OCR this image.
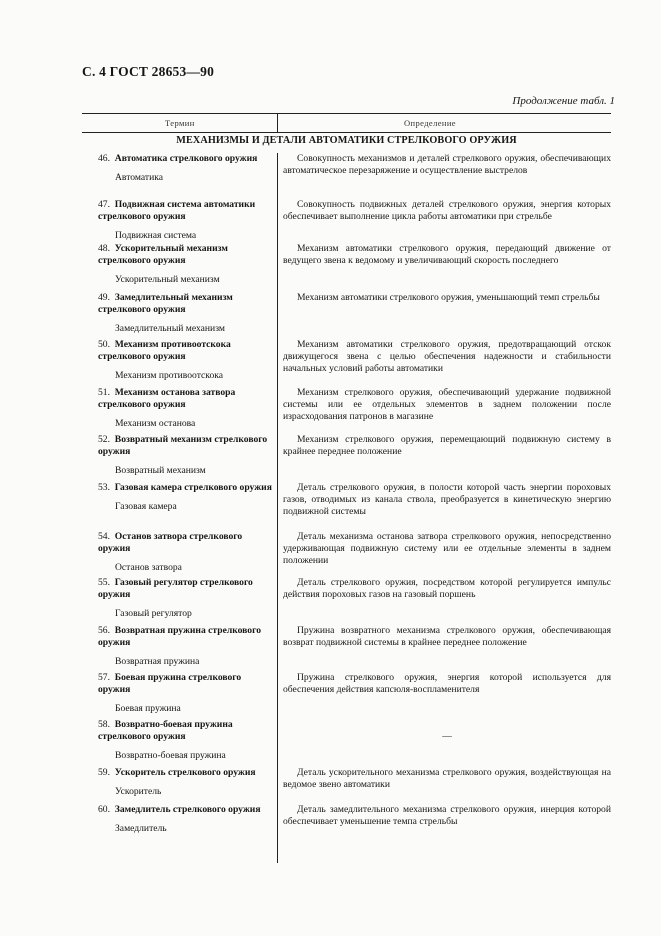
С. 4 ГОСТ 28653—90
Продолжение табл. 1
Термин	Определение
МЕХАНИЗМЫ И ДЕТАЛИ АВТОМАТИКИ СТРЕЛКОВОГО ОРУЖИЯ
46. Автоматика стрелкового оружия
Автоматика
Совокупность механизмов и деталей стрелкового оружия, обеспечивающих автоматическое перезаряжение и осуществление выстрелов
47. Подвижная система автоматики стрелкового оружия
Подвижная система
Совокупность подвижных деталей стрелкового оружия, энергия которых обеспечивает выполнение цикла работы автоматики при стрельбе
48. Ускорительный механизм стрелкового оружия
Ускорительный механизм
Механизм автоматики стрелкового оружия, передающий движение от ведущего звена к ведомому и увеличивающий скорость последнего
49. Замедлительный механизм стрелкового оружия
Замедлительный механизм
Механизм автоматики стрелкового оружия, уменьшающий темп стрельбы
50. Механизм противоотскока стрелкового оружия
Механизм противоотскока
Механизм автоматики стрелкового оружия, предотвращающий отскок движущегося звена с целью обеспечения надежности и стабильности начальных условий работы автоматики
51. Механизм останова затвора стрелкового оружия
Механизм останова
Механизм стрелкового оружия, обеспечивающий удержание подвижной системы или ее отдельных элементов в заднем положении после израсходования патронов в магазине
52. Возвратный механизм стрелкового оружия
Возвратный механизм
Механизм стрелкового оружия, перемещающий подвижную систему в крайнее переднее положение
53. Газовая камера стрелкового оружия
Газовая камера
Деталь стрелкового оружия, в полости которой часть энергии пороховых газов, отводимых из канала ствола, преобразуется в кинетическую энергию подвижной системы
54. Останов затвора стрелкового оружия
Останов затвора
Деталь механизма останова затвора стрелкового оружия, непосредственно удерживающая подвижную систему или ее отдельные элементы в заднем положении
55. Газовый регулятор стрелкового оружия
Газовый регулятор
Деталь стрелкового оружия, посредством которой регулируется импульс действия пороховых газов на газовый поршень
56. Возвратная пружина стрелкового оружия
Возвратная пружина
Пружина возвратного механизма стрелкового оружия, обеспечивающая возврат подвижной системы в крайнее переднее положение
57. Боевая пружина стрелкового оружия
Боевая пружина
Пружина стрелкового оружия, энергия которой используется для обеспечения действия капсюля-воспламенителя
58. Возвратно-боевая пружина стрелкового оружия
Возвратно-боевая пружина
—
59. Ускоритель стрелкового оружия
Ускоритель
Деталь ускорительного механизма стрелкового оружия, воздействующая на ведомое звено автоматики
60. Замедлитель стрелкового оружия
Замедлитель
Деталь замедлительного механизма стрелкового оружия, инерция которой обеспечивает уменьшение темпа стрельбы
